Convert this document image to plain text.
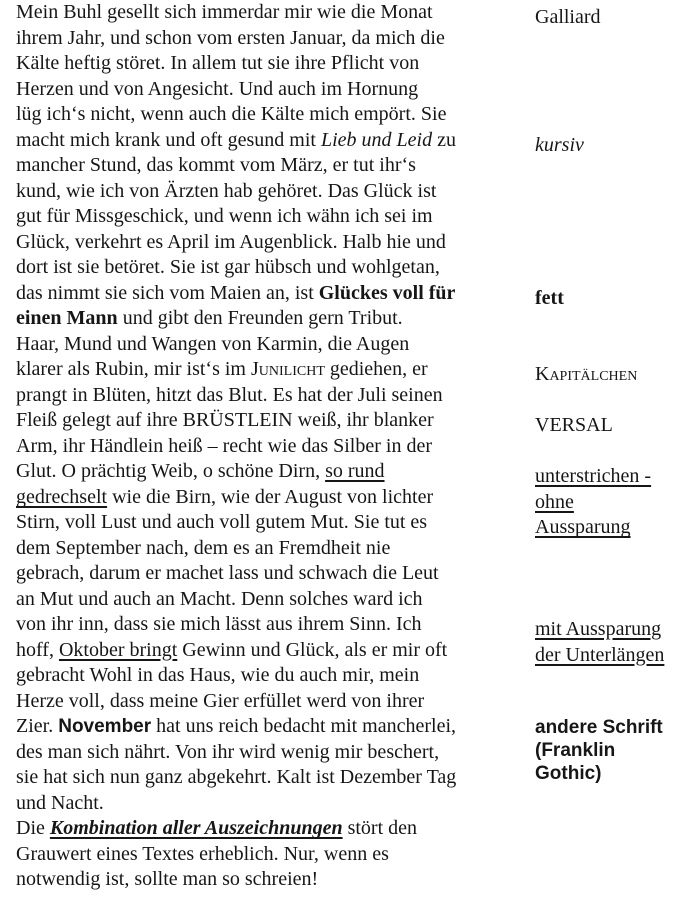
Mein Buhl gesellt sich immerdar mir wie die Monat
ihrem Jahr, und schon vom ersten Januar, da mich die
Kälte heftig störet. In allem tut sie ihre Pflicht von
Herzen und von Angesicht. Und auch im Hornung
lüg ich‘s nicht, wenn auch die Kälte mich empört. Sie
macht mich krank und oft gesund mit Lieb und Leid zu
mancher Stund, das kommt vom März, er tut ihr‘s
kund, wie ich von Ärzten hab gehöret. Das Glück ist
gut für Missgeschick, und wenn ich wähn ich sei im
Glück, verkehrt es April im Augenblick. Halb hie und
dort ist sie betöret. Sie ist gar hübsch und wohlgetan,
das nimmt sie sich vom Maien an, ist Glückes voll für
einen Mann und gibt den Freunden gern Tribut.
Haar, Mund und Wangen von Karmin, die Augen
klarer als Rubin, mir ist‘s im Junilicht gediehen, er
prangt in Blüten, hitzt das Blut. Es hat der Juli seinen
Fleiß gelegt auf ihre BRÜSTLEIN weiß, ihr blanker
Arm, ihr Händlein heiß – recht wie das Silber in der
Glut. O prächtig Weib, o schöne Dirn, so rund
gedrechselt wie die Birn, wie der August von lichter
Stirn, voll Lust und auch voll gutem Mut. Sie tut es
dem September nach, dem es an Fremdheit nie
gebrach, darum er machet lass und schwach die Leut
an Mut und auch an Macht. Denn solches ward ich
von ihr inn, dass sie mich lässt aus ihrem Sinn. Ich
hoff, Oktober bringt Gewinn und Glück, als er mir oft
gebracht Wohl in das Haus, wie du auch mir, mein
Herze voll, dass meine Gier erfüllet werd von ihrer
Zier. November hat uns reich bedacht mit mancherlei,
des man sich nährt. Von ihr wird wenig mir beschert,
sie hat sich nun ganz abgekehrt. Kalt ist Dezember Tag
und Nacht.
Die Kombination aller Auszeichnungen stört den
Grauwert eines Textes erheblich. Nur, wenn es
notwendig ist, sollte man so schreien!
Galliard
kursiv
fett
Kapitälchen
VERSAL
unterstrichen -
ohne
Aussparung
mit Aussparung
der Unterlängen
andere Schrift
(Franklin
Gothic)
